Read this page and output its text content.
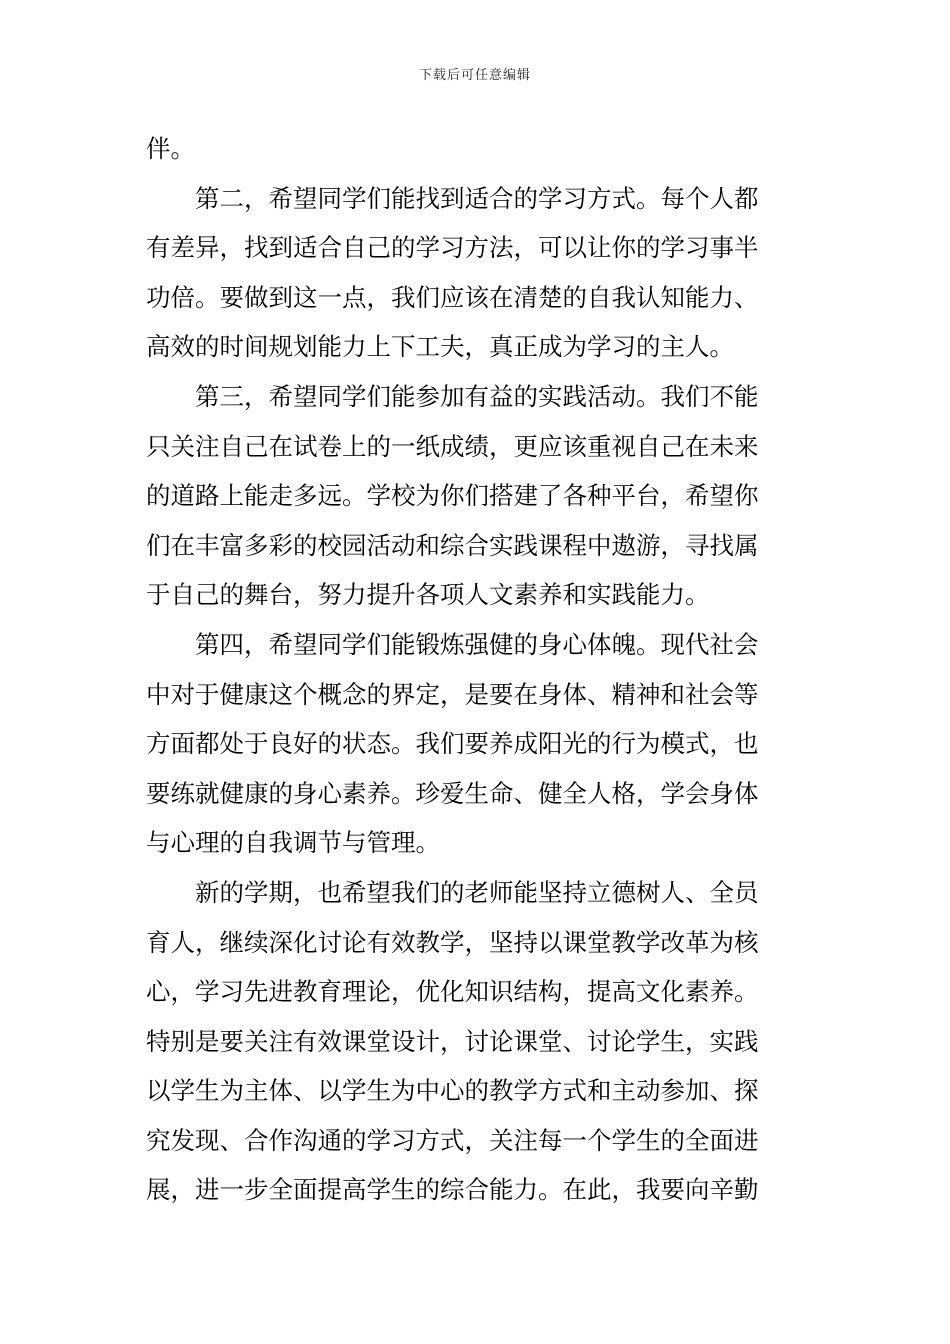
下载后可任意编辑
伴。
第二，希望同学们能找到适合的学习方式。每个人都
有差异，找到适合自己的学习方法，可以让你的学习事半
功倍。要做到这一点，我们应该在清楚的自我认知能力、
高效的时间规划能力上下工夫，真正成为学习的主人。
第三，希望同学们能参加有益的实践活动。我们不能
只关注自己在试卷上的一纸成绩，更应该重视自己在未来
的道路上能走多远。学校为你们搭建了各种平台，希望你
们在丰富多彩的校园活动和综合实践课程中遨游，寻找属
于自己的舞台，努力提升各项人文素养和实践能力。
第四，希望同学们能锻炼强健的身心体魄。现代社会
中对于健康这个概念的界定，是要在身体、精神和社会等
方面都处于良好的状态。我们要养成阳光的行为模式，也
要练就健康的身心素养。珍爱生命、健全人格，学会身体
与心理的自我调节与管理。
新的学期，也希望我们的老师能坚持立德树人、全员
育人，继续深化讨论有效教学，坚持以课堂教学改革为核
心，学习先进教育理论，优化知识结构，提高文化素养。
特别是要关注有效课堂设计，讨论课堂、讨论学生，实践
以学生为主体、以学生为中心的教学方式和主动参加、探
究发现、合作沟通的学习方式，关注每一个学生的全面进
展，进一步全面提高学生的综合能力。在此，我要向辛勤
